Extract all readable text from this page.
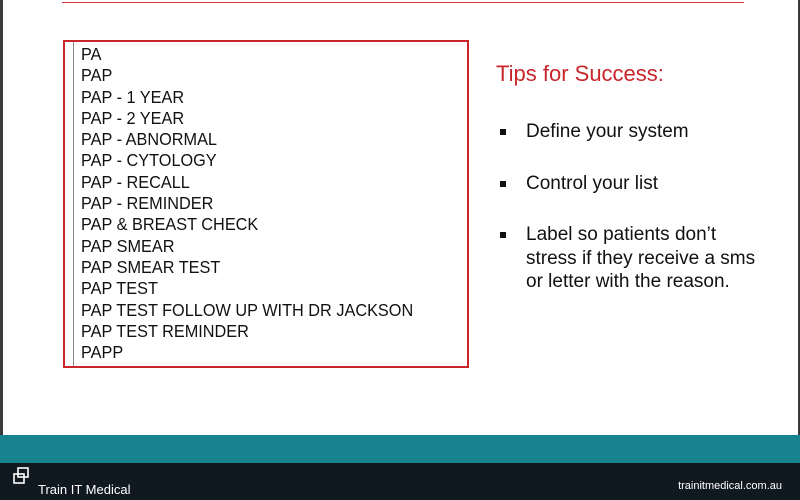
PA
PAP
PAP - 1 YEAR
PAP - 2 YEAR
PAP - ABNORMAL
PAP - CYTOLOGY
PAP - RECALL
PAP - REMINDER
PAP & BREAST CHECK
PAP SMEAR
PAP SMEAR TEST
PAP TEST
PAP TEST FOLLOW UP WITH DR JACKSON
PAP TEST REMINDER
PAPP
Tips for Success:
Define your system
Control your list
Label so patients don’t stress if they receive a sms or letter with the reason.
Train IT Medical	trainitmedical.com.au
